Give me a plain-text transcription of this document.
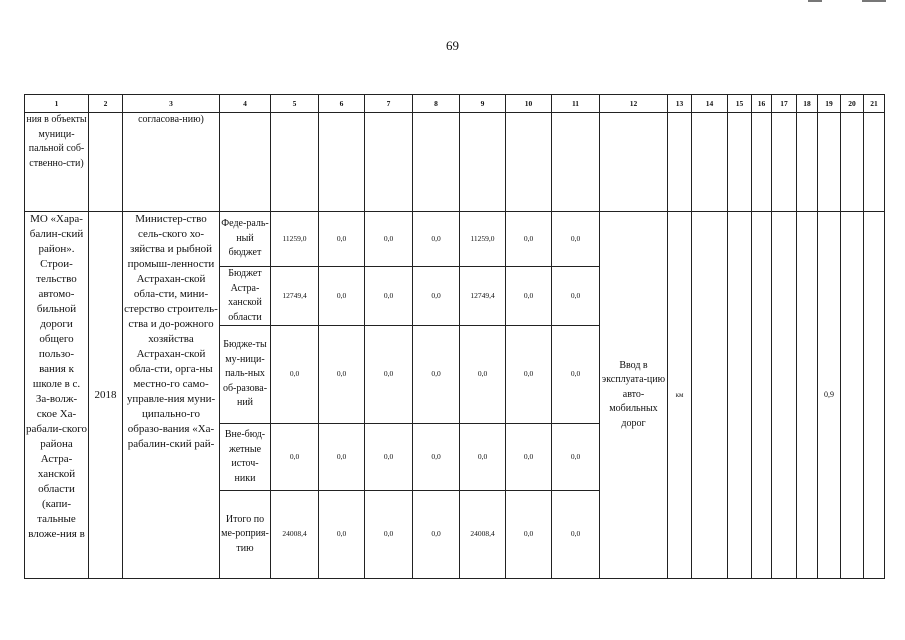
69
1	2	3	4	5	6	7	8	9	10	11	12	13	14	15	16	17	18	19	20	21
ния в объекты муници-пальной соб-ственно-сти)		согласова-нию)																		
МО «Хара-балин-ский район». Строи-тельство автомо-бильной дороги общего пользо-вания к школе в с. За-волж-ское Ха-рабали-ского района Астра-ханской области (капи-тальные вложе-ния в	2018	Министер-ство сель-ского хо-зяйства и рыбной промыш-ленности Астрахан-ской обла-сти, мини-стерство строитель-ства и до-рожного хозяйства Астрахан-ской обла-сти, орга-ны местно-го само-управле-ния муни-ципально-го образо-вания «Ха-рабалин-ский рай-	Феде-раль-ный бюджет	11259,0	0,0	0,0	0,0	11259,0	0,0	0,0	Ввод в эксплуата-цию авто-мобильных дорог	км						0,9		
			Бюджет Астра-ханской области	12749,4	0,0	0,0	0,0	12749,4	0,0	0,0										
			Бюдже-ты му-ници-паль-ных об-разова-ний	0,0	0,0	0,0	0,0	0,0	0,0	0,0										
			Вне-бюд-жетные источ-ники	0,0	0,0	0,0	0,0	0,0	0,0	0,0										
			Итого по ме-роприя-тию	24008,4	0,0	0,0	0,0	24008,4	0,0	0,0										
